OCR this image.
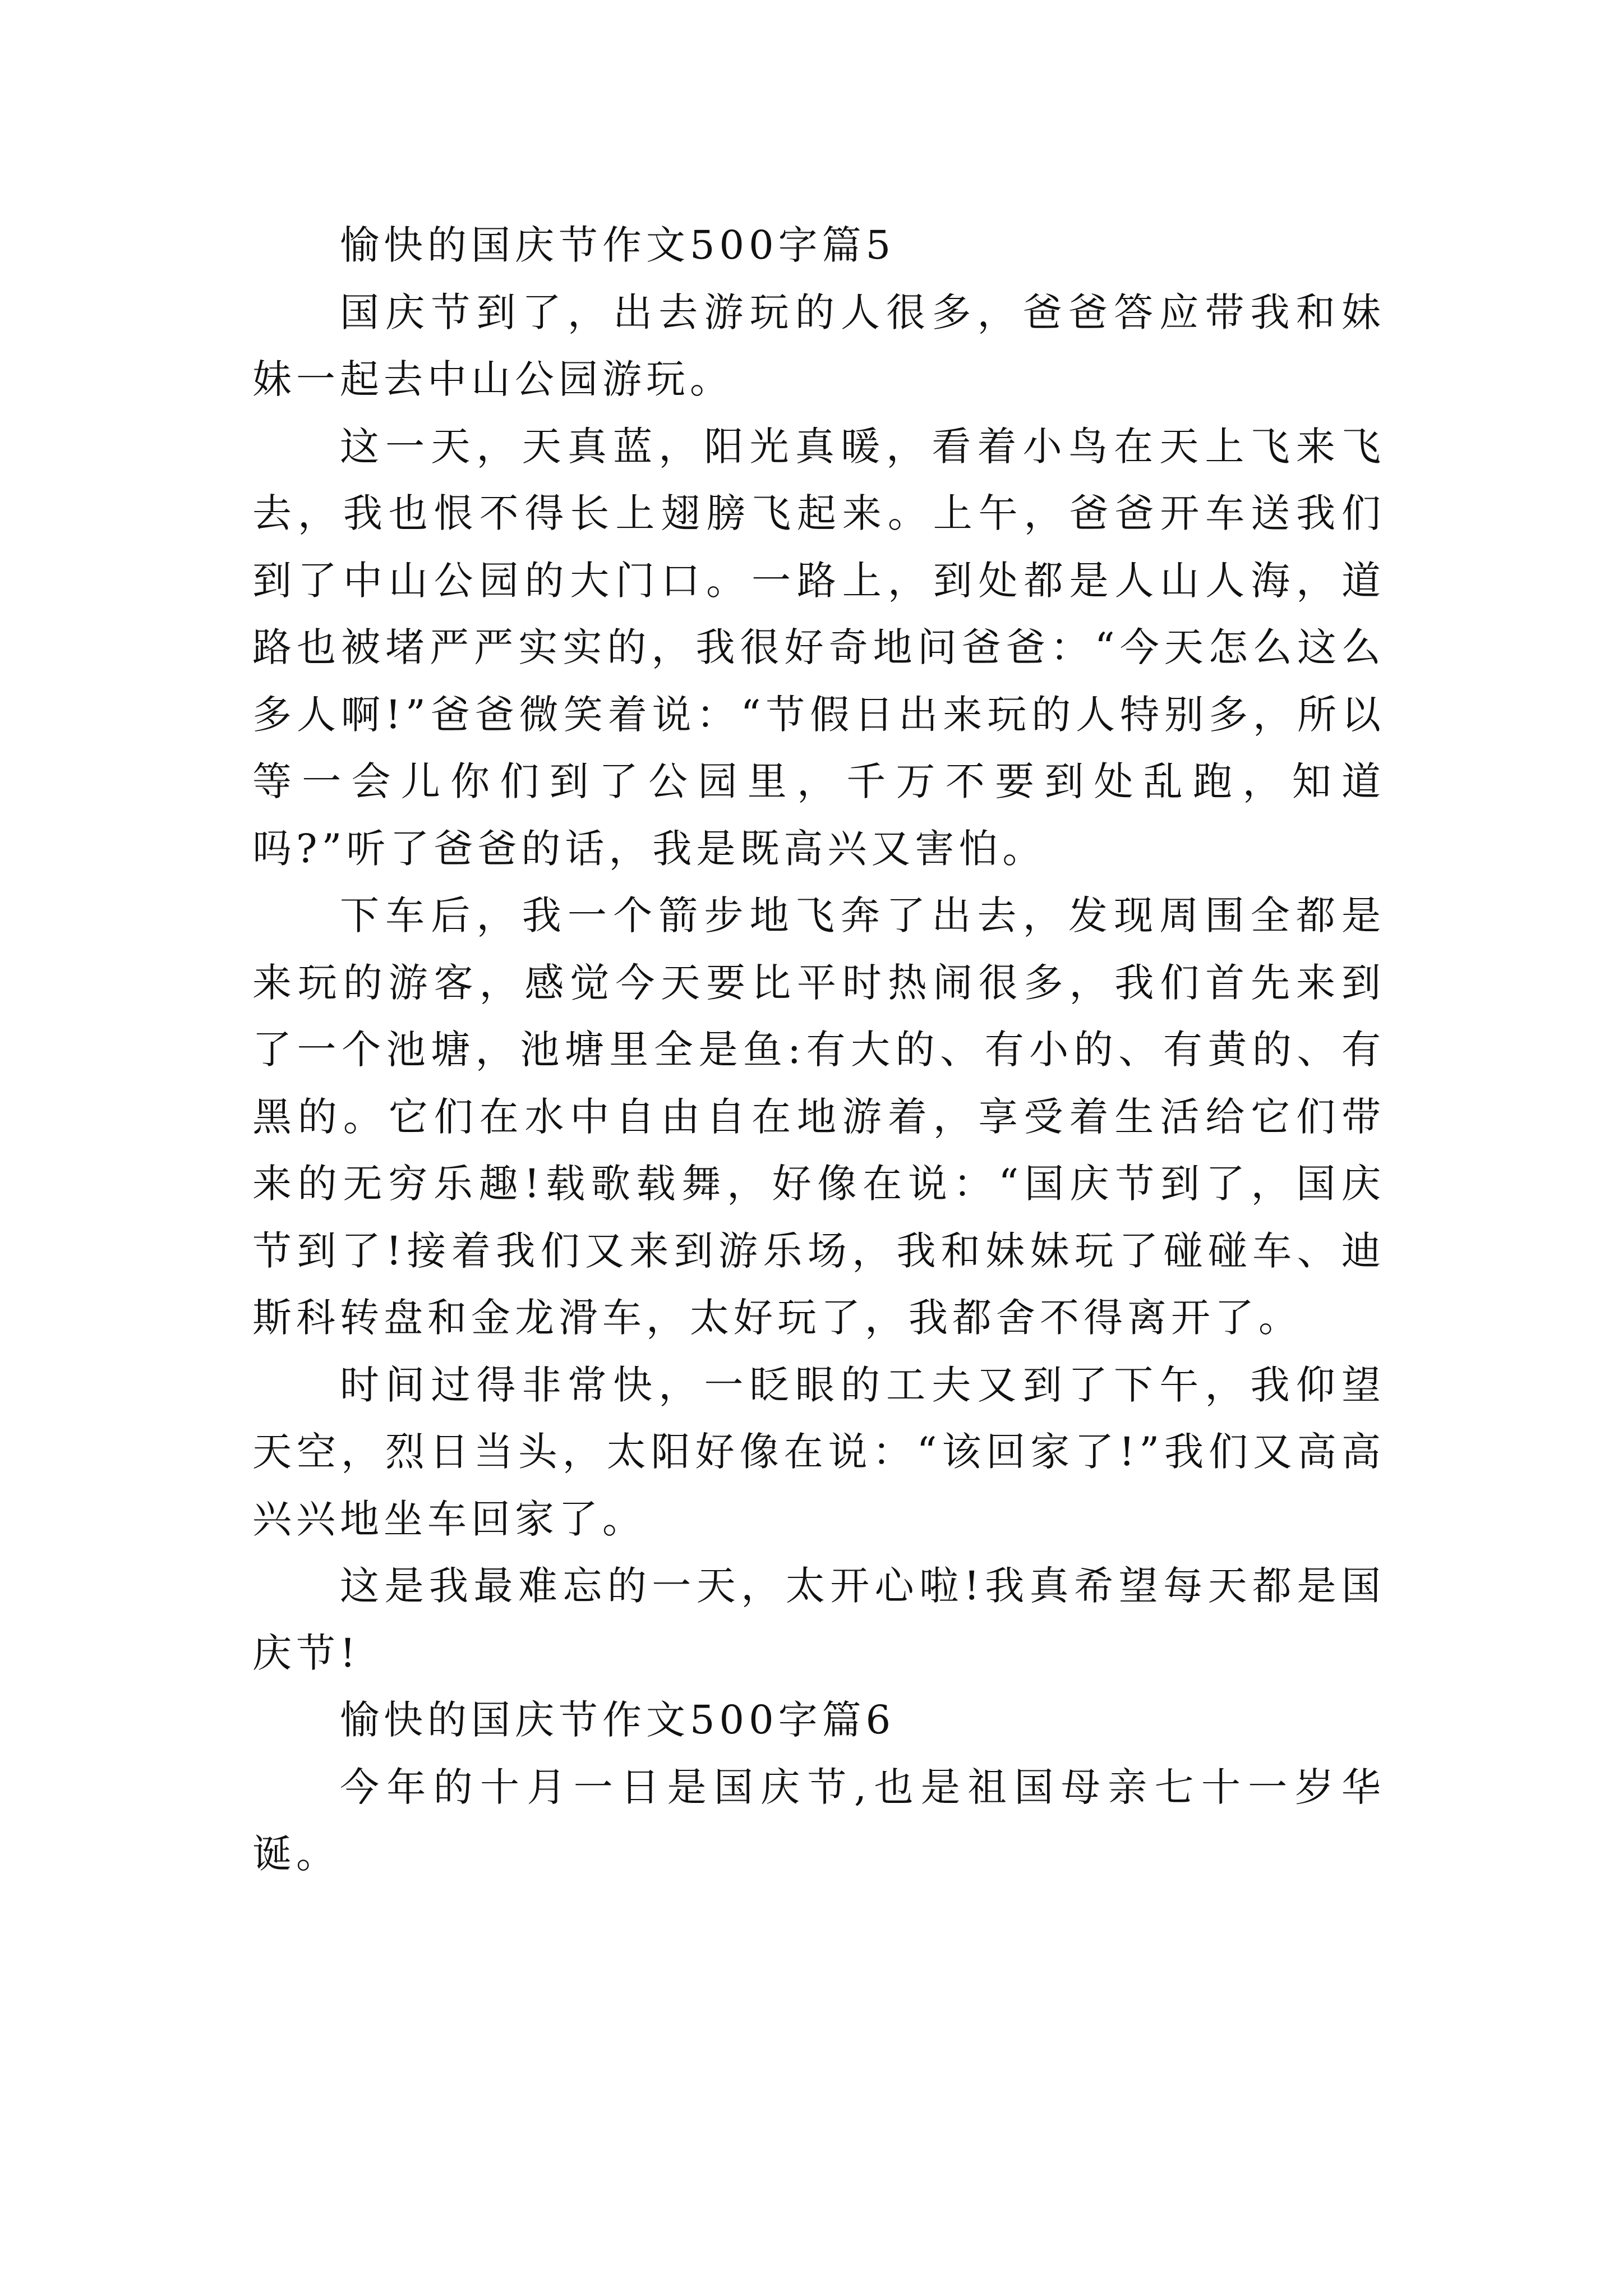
愉快的国庆节作文500字篇5

国庆节到了，出去游玩的人很多，爸爸答应带我和妹妹一起去中山公园游玩。

这一天，天真蓝，阳光真暖，看着小鸟在天上飞来飞去，我也恨不得长上翅膀飞起来。上午，爸爸开车送我们到了中山公园的大门口。一路上，到处都是人山人海，道路也被堵严严实实的，我很好奇地问爸爸：“今天怎么这么多人啊!”爸爸微笑着说：“节假日出来玩的人特别多，所以等一会儿你们到了公园里，千万不要到处乱跑，知道吗?”听了爸爸的话，我是既高兴又害怕。

下车后，我一个箭步地飞奔了出去，发现周围全都是来玩的游客，感觉今天要比平时热闹很多，我们首先来到了一个池塘，池塘里全是鱼:有大的、有小的、有黄的、有黑的。它们在水中自由自在地游着，享受着生活给它们带来的无穷乐趣!载歌载舞，好像在说：“国庆节到了，国庆节到了!接着我们又来到游乐场，我和妹妹玩了碰碰车、迪斯科转盘和金龙滑车，太好玩了，我都舍不得离开了。

时间过得非常快，一眨眼的工夫又到了下午，我仰望天空，烈日当头，太阳好像在说：“该回家了!”我们又高高兴兴地坐车回家了。

这是我最难忘的一天，太开心啦!我真希望每天都是国庆节!

愉快的国庆节作文500字篇6

今年的十月一日是国庆节,也是祖国母亲七十一岁华诞。
